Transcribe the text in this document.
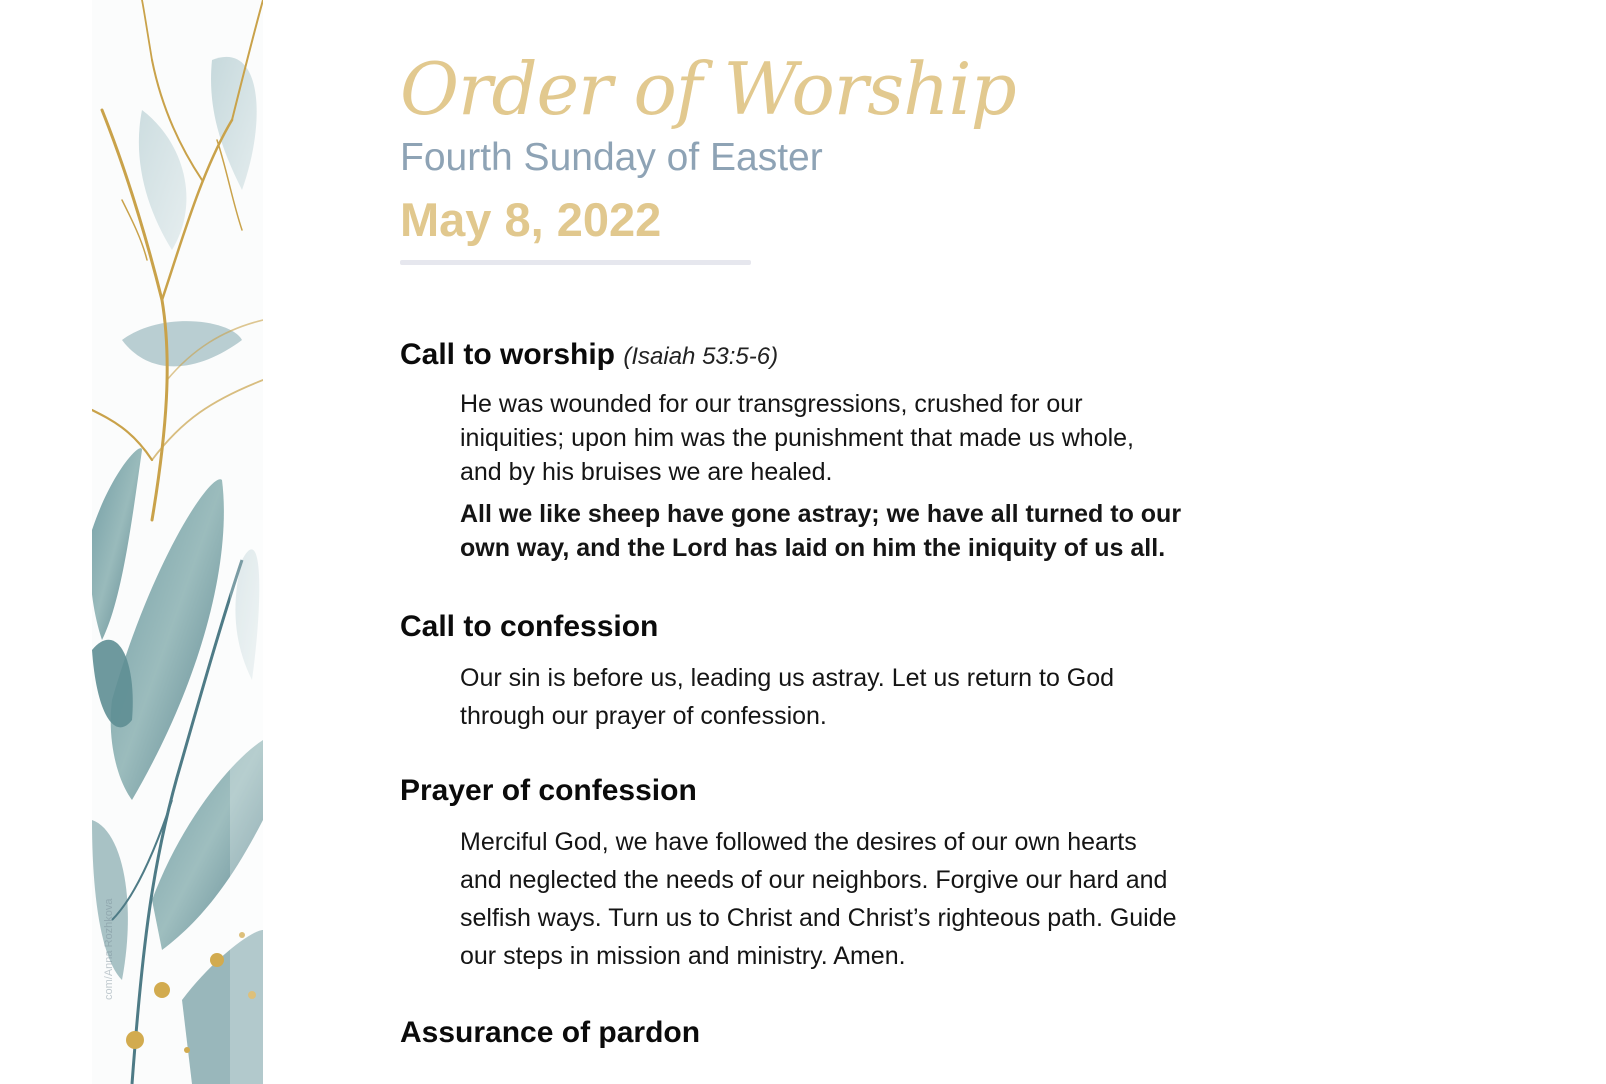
com/Anna Rozhkova
Order of Worship
Fourth Sunday of Easter
May 8, 2022
Call to worship (Isaiah 53:5-6)
He was wounded for our transgressions, crushed for our
iniquities; upon him was the punishment that made us whole,
and by his bruises we are healed.
All we like sheep have gone astray; we have all turned to our
own way, and the Lord has laid on him the iniquity of us all.
Call to confession
Our sin is before us, leading us astray. Let us return to God
through our prayer of confession.
Prayer of confession
Merciful God, we have followed the desires of our own hearts
and neglected the needs of our neighbors. Forgive our hard and
selfish ways. Turn us to Christ and Christ’s righteous path. Guide
our steps in mission and ministry. Amen.
Assurance of pardon
